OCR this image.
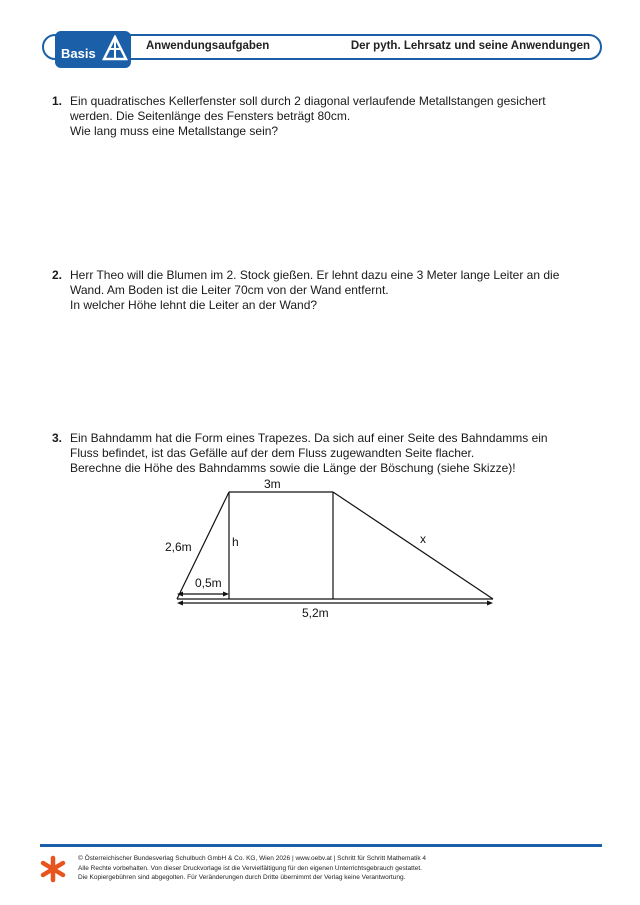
Basis	Anwendungsaufgaben	Der pyth. Lehrsatz und seine Anwendungen
1. Ein quadratisches Kellerfenster soll durch 2 diagonal verlaufende Metallstangen gesichert
werden. Die Seitenlänge des Fensters beträgt 80cm.
Wie lang muss eine Metallstange sein?
2. Herr Theo will die Blumen im 2. Stock gießen. Er lehnt dazu eine 3 Meter lange Leiter an die
Wand. Am Boden ist die Leiter 70cm von der Wand entfernt.
In welcher Höhe lehnt die Leiter an der Wand?
3. Ein Bahndamm hat die Form eines Trapezes. Da sich auf einer Seite des Bahndamms ein
Fluss befindet, ist das Gefälle auf der dem Fluss zugewandten Seite flacher.
Berechne die Höhe des Bahndamms sowie die Länge der Böschung (siehe Skizze)!
3m
2,6m	h	x
0,5m
5,2m
© Österreichischer Bundesverlag Schulbuch GmbH & Co. KG, Wien 2026 | www.oebv.at | Schritt für Schritt Mathematik 4
Alle Rechte vorbehalten. Von dieser Druckvorlage ist die Vervielfältigung für den eigenen Unterrichtsgebrauch gestattet.
Die Kopiergebühren sind abgegolten. Für Veränderungen durch Dritte übernimmt der Verlag keine Verantwortung.
